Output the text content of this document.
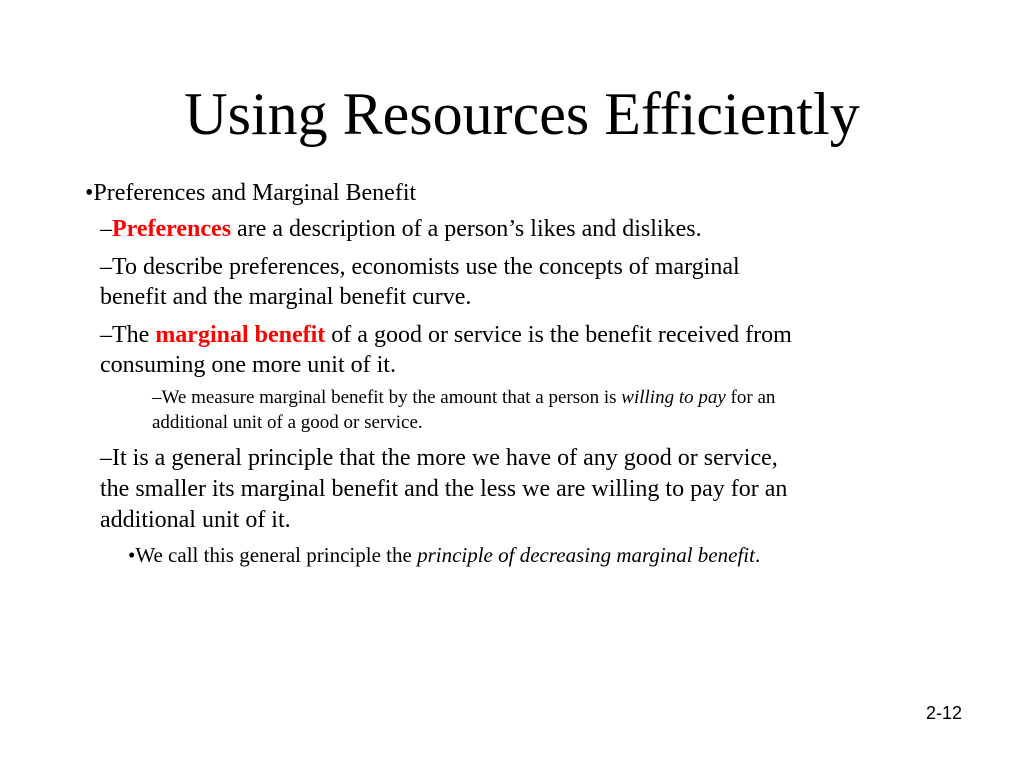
Using Resources Efficiently
•Preferences and Marginal Benefit
–Preferences are a description of a person’s likes and dislikes.
–To describe preferences, economists use the concepts of marginal
benefit and the marginal benefit curve.
–The marginal benefit of a good or service is the benefit received from
consuming one more unit of it.
–We measure marginal benefit by the amount that a person is willing to pay for an
additional unit of a good or service.
–It is a general principle that the more we have of any good or service,
the smaller its marginal benefit and the less we are willing to pay for an
additional unit of it.
•We call this general principle the principle of decreasing marginal benefit.
2-12
